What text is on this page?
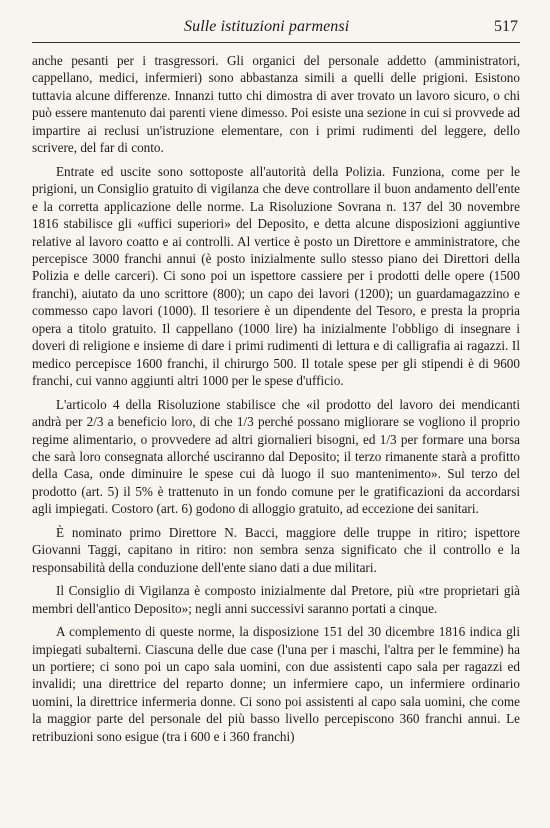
Sulle istituzioni parmensi	517

anche pesanti per i trasgressori. Gli organici del personale addetto (amministratori, cappellano, medici, infermieri) sono abbastanza simili a quelli delle prigioni. Esistono tuttavia alcune differenze. Innanzi tutto chi dimostra di aver trovato un lavoro sicuro, o chi può essere mantenuto dai parenti viene dimesso. Poi esiste una sezione in cui si provvede ad impartire ai reclusi un'istruzione elementare, con i primi rudimenti del leggere, dello scrivere, del far di conto.

Entrate ed uscite sono sottoposte all'autorità della Polizia. Funziona, come per le prigioni, un Consiglio gratuito di vigilanza che deve controllare il buon andamento dell'ente e la corretta applicazione delle norme. La Risoluzione Sovrana n. 137 del 30 novembre 1816 stabilisce gli «uffici superiori» del Deposito, e detta alcune disposizioni aggiuntive relative al lavoro coatto e ai controlli. Al vertice è posto un Direttore e amministratore, che percepisce 3000 franchi annui (è posto inizialmente sullo stesso piano dei Direttori della Polizia e delle carceri). Ci sono poi un ispettore cassiere per i prodotti delle opere (1500 franchi), aiutato da uno scrittore (800); un capo dei lavori (1200); un guardamagazzino e commesso capo lavori (1000). Il tesoriere è un dipendente del Tesoro, e presta la propria opera a titolo gratuito. Il cappellano (1000 lire) ha inizialmente l'obbligo di insegnare i doveri di religione e insieme di dare i primi rudimenti di lettura e di calligrafia ai ragazzi. Il medico percepisce 1600 franchi, il chirurgo 500. Il totale spese per gli stipendi è di 9600 franchi, cui vanno aggiunti altri 1000 per le spese d'ufficio.

L'articolo 4 della Risoluzione stabilisce che «il prodotto del lavoro dei mendicanti andrà per 2/3 a beneficio loro, di che 1/3 perché possano migliorare se vogliono il proprio regime alimentario, o provvedere ad altri giornalieri bisogni, ed 1/3 per formare una borsa che sarà loro consegnata allorché usciranno dal Deposito; il terzo rimanente starà a profitto della Casa, onde diminuire le spese cui dà luogo il suo mantenimento». Sul terzo del prodotto (art. 5) il 5% è trattenuto in un fondo comune per le gratificazioni da accordarsi agli impiegati. Costoro (art. 6) godono di alloggio gratuito, ad eccezione dei sanitari.

È nominato primo Direttore N. Bacci, maggiore delle truppe in ritiro; ispettore Giovanni Taggi, capitano in ritiro: non sembra senza significato che il controllo e la responsabilità della conduzione dell'ente siano dati a due militari.

Il Consiglio di Vigilanza è composto inizialmente dal Pretore, più «tre proprietari già membri dell'antico Deposito»; negli anni successivi saranno portati a cinque.

A complemento di queste norme, la disposizione 151 del 30 dicembre 1816 indica gli impiegati subalterni. Ciascuna delle due case (l'una per i maschi, l'altra per le femmine) ha un portiere; ci sono poi un capo sala uomini, con due assistenti capo sala per ragazzi ed invalidi; una direttrice del reparto donne; un infermiere capo, un infermiere ordinario uomini, la direttrice infermeria donne. Ci sono poi assistenti al capo sala uomini, che come la maggior parte del personale del più basso livello percepiscono 360 franchi annui. Le retribuzioni sono esigue (tra i 600 e i 360 franchi)
